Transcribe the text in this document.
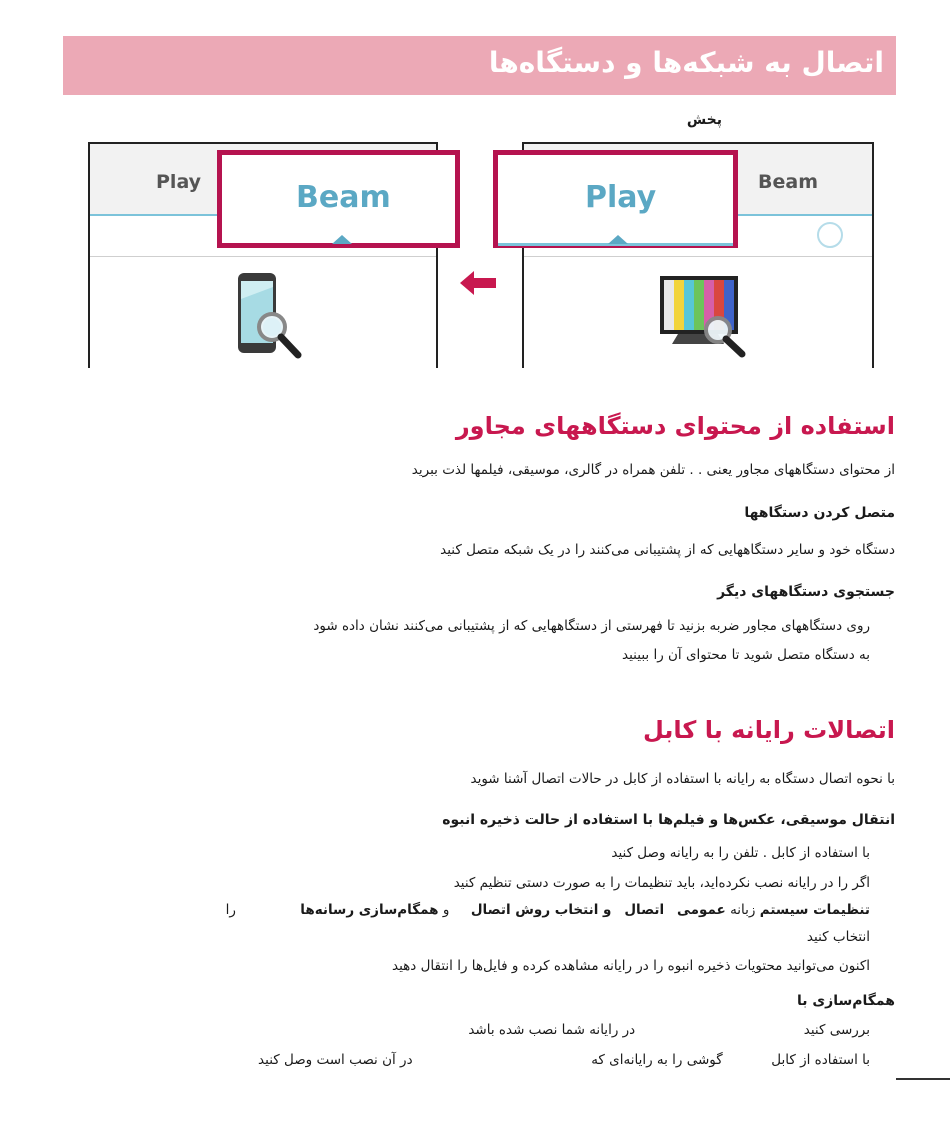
اتصال به شبکه‌ها و دستگاه‌ها
پخش
Play	Beam	Beam
Play
استفاده از محتوای دستگاههای مجاور
از محتوای دستگاههای مجاور یعنی . . تلفن همراه در گالری، موسیقی، فیلمها لذت ببرید
متصل کردن دستگاهها
دستگاه خود و سایر دستگاههایی که از پشتیبانی می‌کنند را در یک شبکه متصل کنید
جستجوی دستگاههای دیگر
روی دستگاههای مجاور ضربه بزنید تا فهرستی از دستگاههایی که از پشتیبانی می‌کنند نشان داده شود
به دستگاه متصل شوید تا محتوای آن را ببینید
اتصالات رایانه با کابل
با نحوه اتصال دستگاه به رایانه با استفاده از کابل در حالات اتصال آشنا شوید
انتقال موسیقی، عکس‌ها و فیلم‌ها با استفاده از حالت ذخیره انبوه
با استفاده از کابل . تلفن را به رایانه وصل کنید
اگر را در رایانه نصب نکرده‌اید، باید تنظیمات را به صورت دستی تنظیم کنید
تنظیمات سیستم زبانه عمومی   اتصال   و انتخاب روش اتصال     و همگام‌سازی رسانه‌ها               را
انتخاب کنید
اکنون می‌توانید محتویات ذخیره انبوه را در رایانه مشاهده کرده و فایل‌ها را انتقال دهید
همگام‌سازی با
بررسی کنید  در رایانه شما نصب شده باشد
با استفاده از کابل  گوشی را به رایانه‌ای که  در آن نصب است وصل کنید
